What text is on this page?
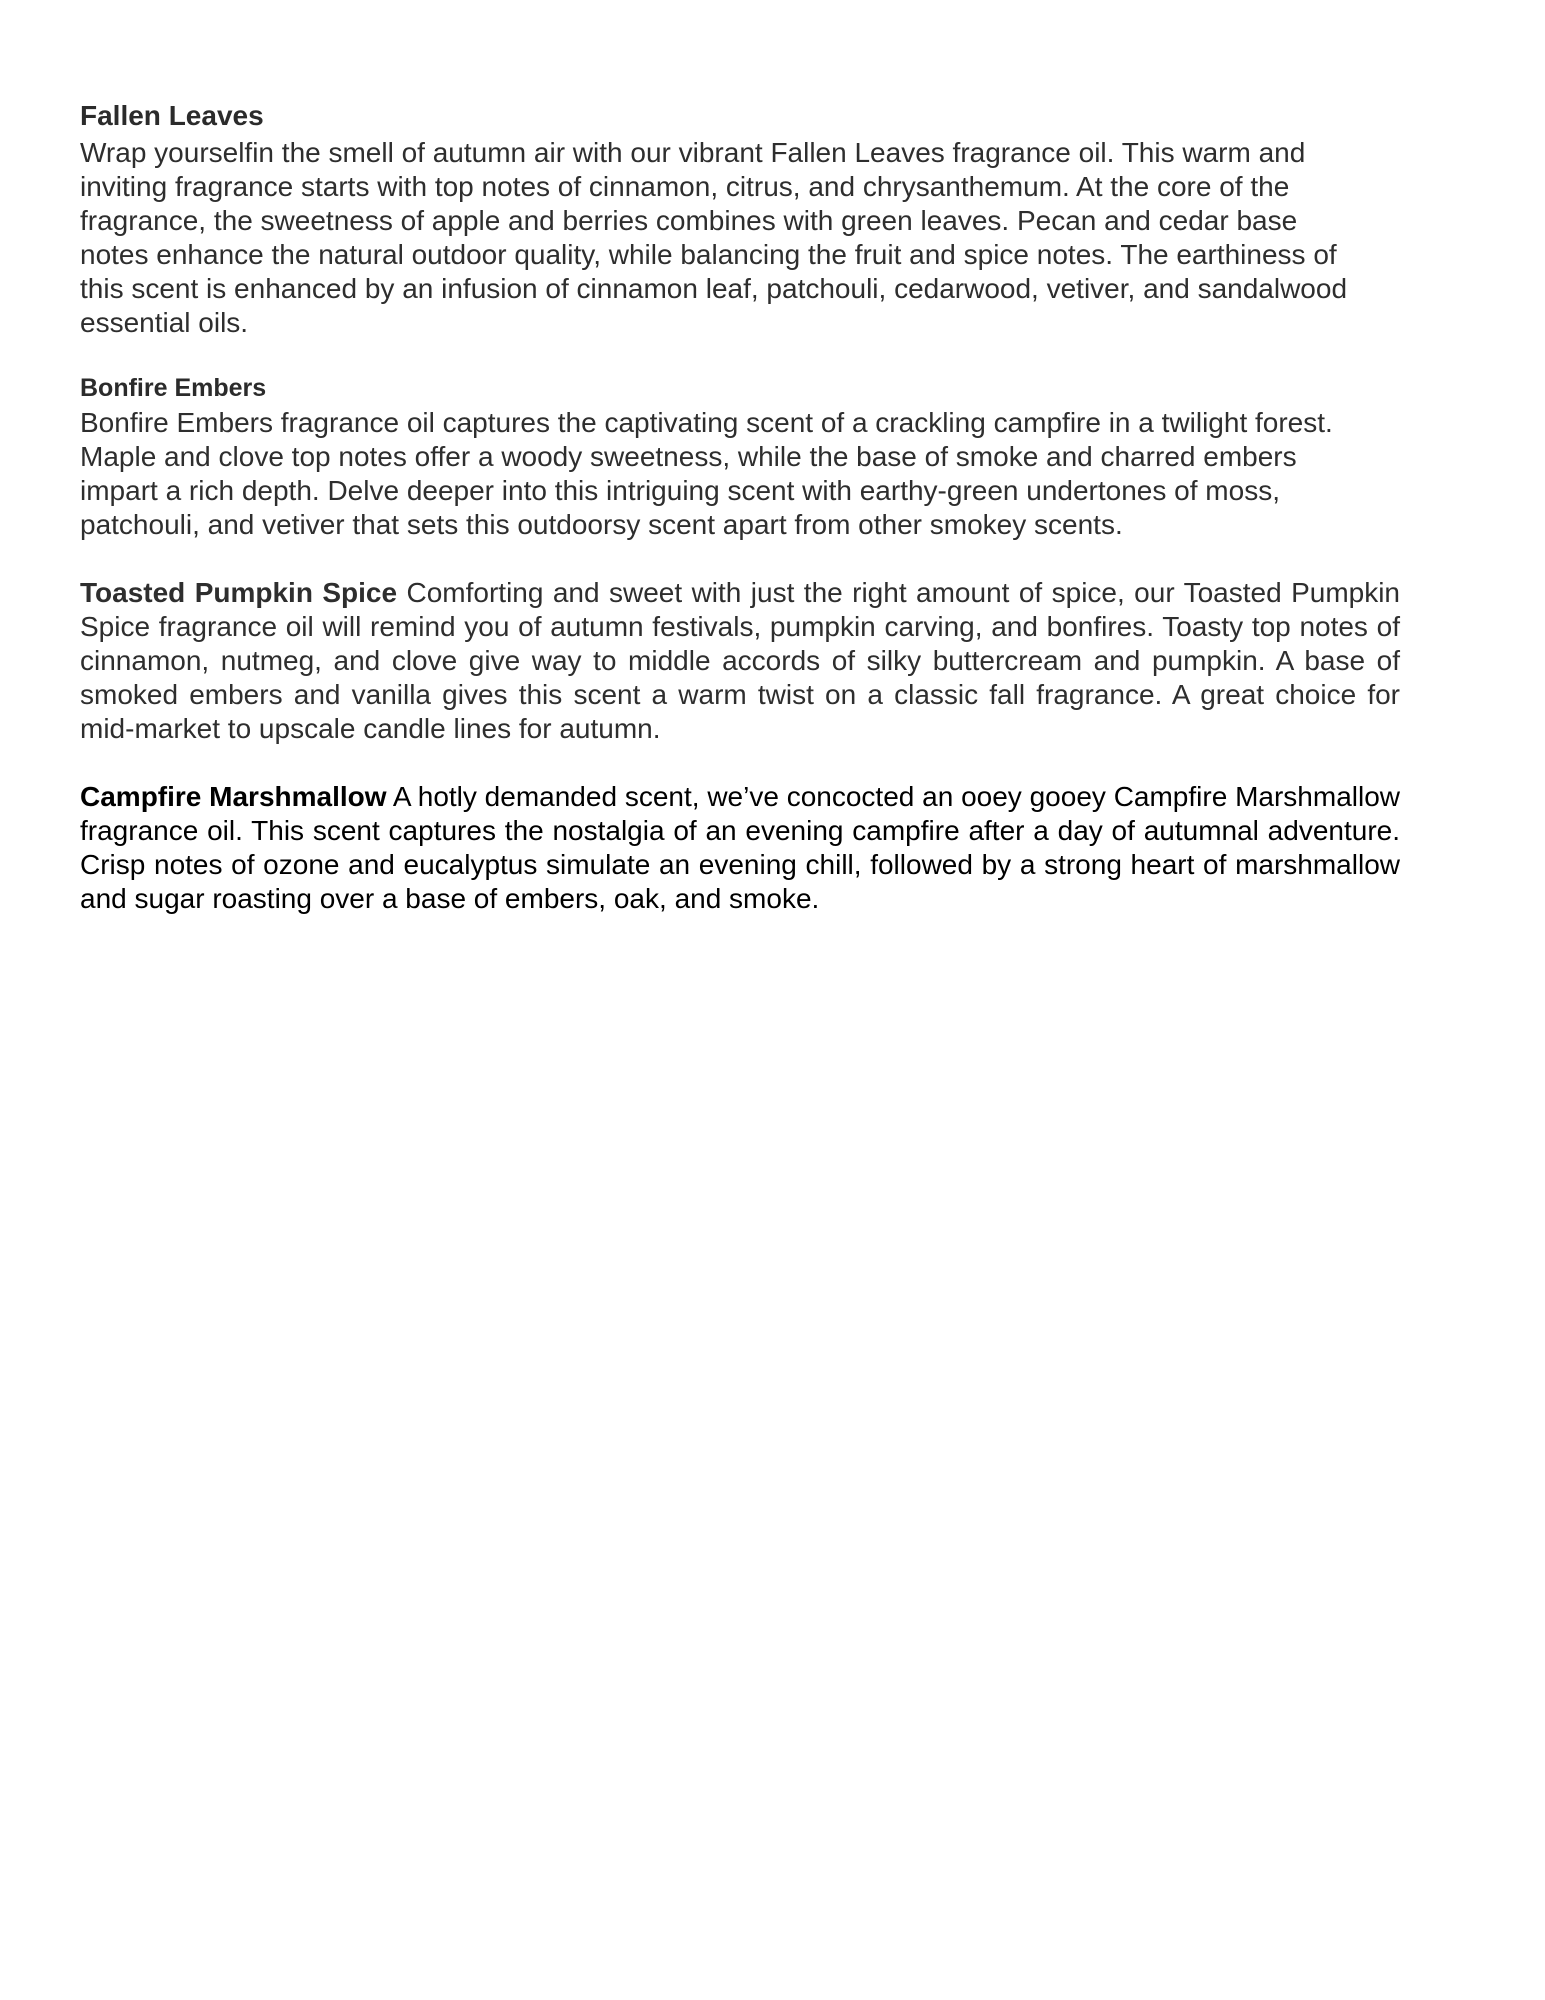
Fallen Leaves
Wrap yourselfin the smell of autumn air with our vibrant Fallen Leaves fragrance oil. This warm and inviting fragrance starts with top notes of cinnamon, citrus, and chrysanthemum. At the core of the fragrance, the sweetness of apple and berries combines with green leaves. Pecan and cedar base notes enhance the natural outdoor quality, while balancing the fruit and spice notes. The earthiness of this scent is enhanced by an infusion of cinnamon leaf, patchouli, cedarwood, vetiver, and sandalwood essential oils.
Bonfire Embers
Bonfire Embers fragrance oil captures the captivating scent of a crackling campfire in a twilight forest. Maple and clove top notes offer a woody sweetness, while the base of smoke and charred embers impart a rich depth. Delve deeper into this intriguing scent with earthy-green undertones of moss, patchouli, and vetiver that sets this outdoorsy scent apart from other smokey scents.
Toasted Pumpkin Spice Comforting and sweet with just the right amount of spice, our Toasted Pumpkin Spice fragrance oil will remind you of autumn festivals, pumpkin carving, and bonfires. Toasty top notes of cinnamon, nutmeg, and clove give way to middle accords of silky buttercream and pumpkin. A base of smoked embers and vanilla gives this scent a warm twist on a classic fall fragrance. A great choice for mid-market to upscale candle lines for autumn.
Campfire Marshmallow A hotly demanded scent, we’ve concocted an ooey gooey Campfire Marshmallow fragrance oil. This scent captures the nostalgia of an evening campfire after a day of autumnal adventure. Crisp notes of ozone and eucalyptus simulate an evening chill, followed by a strong heart of marshmallow and sugar roasting over a base of embers, oak, and smoke.
